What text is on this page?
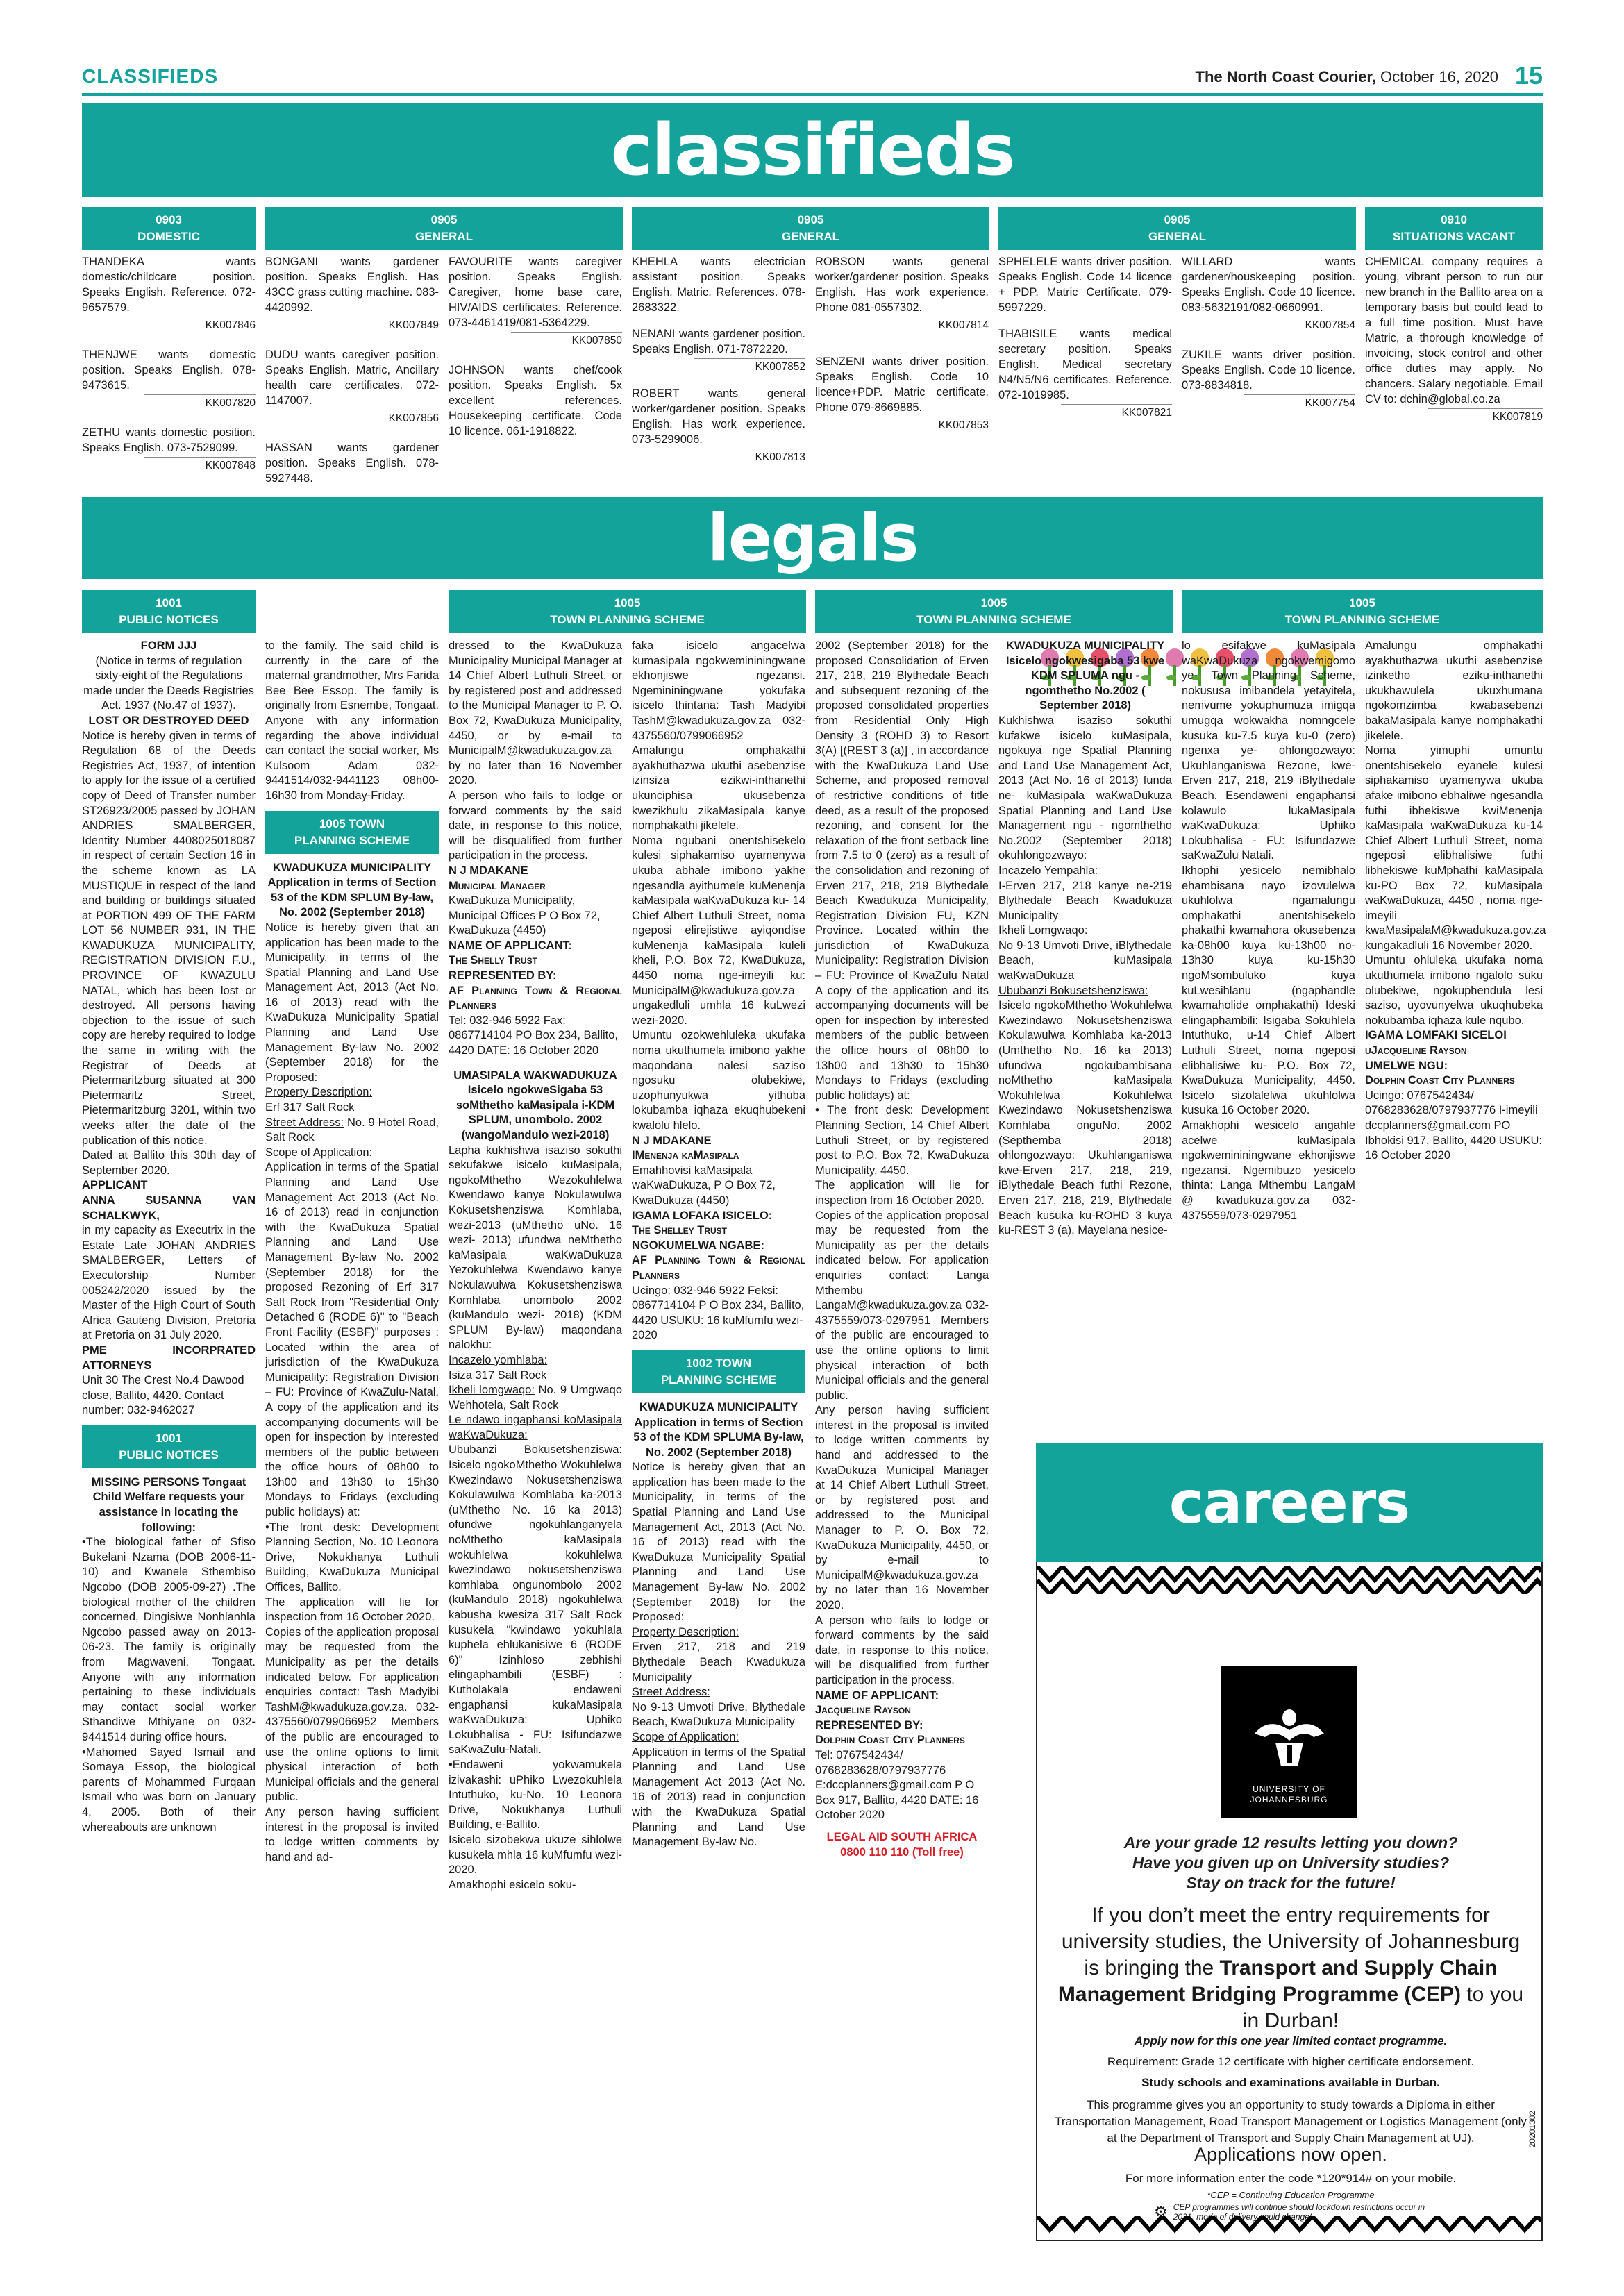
CLASSIFIEDS	The North Coast Courier, October 16, 2020 15
classifieds
0903
DOMESTIC
THANDEKA wants domestic/childcare position. Speaks English. Reference. 072-9657579.
KK007846
THENJWE wants domestic position. Speaks English. 078-9473615.
KK007820
ZETHU wants domestic position. Speaks English. 073-7529099.
KK007848
0905
GENERAL
BONGANI wants gardener position. Speaks English. Has 43CC grass cutting machine. 083-4420992.
KK007849
DUDU wants caregiver position. Speaks English. Matric, Ancillary health care certificates. 072-1147007.
KK007856
HASSAN wants gardener position. Speaks English. 078-5927448.
FAVOURITE wants caregiver position. Speaks English. Caregiver, home base care, HIV/AIDS certificates. Reference. 073-4461419/081-5364229.
KK007850
JOHNSON wants chef/cook position. Speaks English. 5x excellent references. Housekeeping certificate. Code 10 licence. 061-1918822.
0905
GENERAL
KHEHLA wants electrician assistant position. Speaks English. Matric. References. 078-2683322.
NENANI wants gardener position. Speaks English. 071-7872220.
KK007852
ROBERT wants general worker/gardener position. Speaks English. Has work experience. 073-5299006.
KK007813
ROBSON wants general worker/gardener position. Speaks English. Has work experience. Phone 081-0557302.
KK007814
SENZENI wants driver position. Speaks English. Code 10 licence+PDP. Matric certificate. Phone 079-8669885.
KK007853
0905
GENERAL
SPHELELE wants driver position. Speaks English. Code 14 licence + PDP. Matric Certificate. 079-5997229.
THABISILE wants medical secretary position. Speaks English. Medical secretary N4/N5/N6 certificates. Reference. 072-1019985.
KK007821
WILLARD wants gardener/houskeeping position. Speaks English. Code 10 licence. 083-5632191/082-0660991.
KK007854
ZUKILE wants driver position. Speaks English. Code 10 licence. 073-8834818.
KK007754
0910
SITUATIONS VACANT
CHEMICAL company requires a young, vibrant person to run our new branch in the Ballito area on a temporary basis but could lead to a full time position. Must have Matric, a thorough knowledge of invoicing, stock control and other office duties may apply. No chancers. Salary negotiable. Email CV to: dchin@global.co.za
KK007819
legals
1001
PUBLIC NOTICES
1005
TOWN PLANNING SCHEME
1005
TOWN PLANNING SCHEME
1005
TOWN PLANNING SCHEME

FORM JJJ

(Notice in terms of regulation sixty-eight of the Regulations made under the Deeds Registries Act. 1937 (No.47 of 1937).

LOST OR DESTROYED DEED

Notice is hereby given in terms of Regulation 68 of the Deeds Registries Act, 1937, of intention to apply for the issue of a certified copy of Deed of Transfer number ST26923/2005 passed by JOHAN ANDRIES SMALBERGER, Identity Number 4408025018087 in respect of certain Section 16 in the scheme known as LA MUSTIQUE in respect of the land and building or buildings situated at PORTION 499 OF THE FARM LOT 56 NUMBER 931, IN THE KWADUKUZA MUNICIPALITY, REGISTRATION DIVISION F.U., PROVINCE OF KWAZULU NATAL, which has been lost or destroyed. All persons having objection to the issue of such copy are hereby required to lodge the same in writing with the Registrar of Deeds at Pietermaritzburg situated at 300 Pietermaritz Street, Pietermaritzburg 3201, within two weeks after the date of the publication of this notice.

Dated at Ballito this 30th day of September 2020.

APPLICANT

ANNA SUSANNA VAN SCHALKWYK,

in my capacity as Executrix in the Estate Late JOHAN ANDRIES SMALBERGER, Letters of Executorship Number 005242/2020 issued by the Master of the High Court of South Africa Gauteng Division, Pretoria at Pretoria on 31 July 2020.

PME INCORPRATED ATTORNEYS

Unit 30 The Crest No.4 Dawood close, Ballito, 4420. Contact number: 032-9462027

1001
PUBLIC NOTICES

MISSING PERSONS Tongaat Child Welfare requests your assistance in locating the following:

•The biological father of Sfiso Bukelani Nzama (DOB 2006-11-10) and Kwanele Sthembiso Ngcobo (DOB 2005-09-27) .The biological mother of the children concerned, Dingisiwe Nonhlanhla Ngcobo passed away on 2013-06-23. The family is originally from Magwaveni, Tongaat. Anyone with any information pertaining to these individuals may contact social worker Sthandiwe Mthiyane on 032-9441514 during office hours.

•Mahomed Sayed Ismail and Somaya Essop, the biological parents of Mohammed Furqaan Ismail who was born on January 4, 2005. Both of their whereabouts are unknown

to the family. The said child is currently in the care of the maternal grandmother, Mrs Farida Bee Bee Essop. The family is originally from Esnembe, Tongaat. Anyone with any information regarding the above individual can contact the social worker, Ms Kulsoom Adam 032-9441514/032-9441123 08h00-16h30 from Monday-Friday.

1005 TOWN
PLANNING SCHEME

KWADUKUZA MUNICIPALITY Application in terms of Section 53 of the KDM SPLUM By-law, No. 2002 (September 2018)

Notice is hereby given that an application has been made to the Municipality, in terms of the Spatial Planning and Land Use Management Act, 2013 (Act No. 16 of 2013) read with the KwaDukuza Municipality Spatial Planning and Land Use Management By-law No. 2002 (September 2018) for the Proposed:

Property Description:

Erf 317 Salt Rock

Street Address: No. 9 Hotel Road, Salt Rock

Scope of Application:

Application in terms of the Spatial Planning and Land Use Management Act 2013 (Act No. 16 of 2013) read in conjunction with the KwaDukuza Spatial Planning and Land Use Management By-law No. 2002 (September 2018) for the proposed Rezoning of Erf 317 Salt Rock from "Residential Only Detached 6 (RODE 6)" to "Beach Front Facility (ESBF)" purposes : Located within the area of jurisdiction of the KwaDukuza Municipality: Registration Division – FU: Province of KwaZulu-Natal. A copy of the application and its accompanying documents will be open for inspection by interested members of the public between the office hours of 08h00 to 13h00 and 13h30 to 15h30 Mondays to Fridays (excluding public holidays) at:

•The front desk: Development Planning Section, No. 10 Leonora Drive, Nokukhanya Luthuli Building, KwaDukuza Municipal Offices, Ballito.

The application will lie for inspection from 16 October 2020.

Copies of the application proposal may be requested from the Municipality as per the details indicated below. For application enquiries contact: Tash Madyibi TashM@kwadukuza.gov.za. 032-4375560/0799066952 Members of the public are encouraged to use the online options to limit physical interaction of both Municipal officials and the general public.

Any person having sufficient interest in the proposal is invited to lodge written comments by hand and ad-

dressed to the KwaDukuza Municipality Municipal Manager at 14 Chief Albert Luthuli Street, or by registered post and addressed to the Municipal Manager to P. O. Box 72, KwaDukuza Municipality, 4450, or by e-mail to MunicipalM@kwadukuza.gov.za by no later than 16 November 2020.

A person who fails to lodge or forward comments by the said date, in response to this notice, will be disqualified from further participation in the process.

N J MDAKANE

Municipal Manager

KwaDukuza Municipality, Municipal Offices P O Box 72, KwaDukuza (4450)

NAME OF APPLICANT:

The Shelly Trust

REPRESENTED BY:

AF Planning Town & Regional Planners

Tel: 032-946 5922 Fax: 0867714104 PO Box 234, Ballito, 4420 DATE: 16 October 2020

UMASIPALA WAKWADUKUZA Isicelo ngokweSigaba 53 soMthetho kaMasipala i-KDM SPLUM, unombolo. 2002 (wangoMandulo wezi-2018)

Lapha kukhishwa isaziso sokuthi sekufakwe isicelo kuMasipala, ngokoMthetho Wezokuhlelwa Kwendawo kanye Nokulawulwa Kokusetshenziswa Komhlaba, wezi-2013 (uMthetho uNo. 16 wezi- 2013) ufundwa neMthetho kaMasipala waKwaDukuza Yezokuhlelwa Kwendawo kanye Nokulawulwa Kokusetshenziswa Komhlaba unombolo 2002 (kuMandulo wezi- 2018) (KDM SPLUM By-law) maqondana nalokhu:

Incazelo yomhlaba:

Isiza 317 Salt Rock

Ikheli lomgwaqo: No. 9 Umgwaqo Wehhotela, Salt Rock

Le ndawo ingaphansi koMasipala waKwaDukuza:

Ububanzi Bokusetshenziswa: Isicelo ngokoMthetho Wokuhlelwa Kwezindawo Nokusetshenziswa Kokulawulwa Komhlaba ka-2013 (uMthetho No. 16 ka 2013) ofundwe ngokuhlanganyela noMthetho kaMasipala wokuhlelwa kokuhlelwa kwezindawo nokusetshenziswa komhlaba ongunombolo 2002 (kuMandulo 2018) ngokuhlelwa kabusha kwesiza 317 Salt Rock kusukela "kwindawo yokuhlala kuphela ehlukanisiwe 6 (RODE 6)" Izinhloso zebhishi elingaphambili (ESBF) : Kutholakala endaweni engaphansi kukaMasipala waKwaDukuza: Uphiko Lokubhalisa - FU: Isifundazwe saKwaZulu-Natali.

•Endaweni yokwamukela izivakashi: uPhiko Lwezokuhlela Intuthuko, ku-No. 10 Leonora Drive, Nokukhanya Luthuli Building, e-Ballito.

Isicelo sizobekwa ukuze sihlolwe kusukela mhla 16 kuMfumfu wezi-2020.

Amakhophi esicelo soku-

faka isicelo angacelwa kumasipala ngokwemininingwane ekhonjiswe ngezansi. Ngemininingwane yokufaka isicelo thintana: Tash Madyibi TashM@kwadukuza.gov.za 032-4375560/0799066952

Amalungu omphakathi ayakhuthazwa ukuthi asebenzise izinsiza ezikwi-inthanethi ukunciphisa ukusebenza kwezikhulu zikaMasipala kanye nomphakathi jikelele.

Noma ngubani onentshisekelo kulesi siphakamiso uyamenywa ukuba abhale imibono yakhe ngesandla ayithumele kuMenenja kaMasipala waKwaDukuza ku- 14 Chief Albert Luthuli Street, noma ngeposi elirejistiwe ayiqondise kuMenenja kaMasipala kuleli kheli, P.O. Box 72, KwaDukuza, 4450 noma nge-imeyili ku: MunicipalM@kwadukuza.gov.za ungakedluli umhla 16 kuLwezi wezi-2020.

Umuntu ozokwehluleka ukufaka noma ukuthumela imibono yakhe maqondana nalesi saziso ngosuku olubekiwe, uzophunyukwa yithuba lokubamba iqhaza ekuqhubekeni kwalolu hlelo.

N J MDAKANE

IMenenja kaMasipala

Emahhovisi kaMasipala waKwaDukuza, P O Box 72, KwaDukuza (4450)

IGAMA LOFAKA ISICELO:

The Shelley Trust

NGOKUMELWA NGABE:

AF Planning Town & Regional Planners

Ucingo: 032-946 5922 Feksi: 0867714104 P O Box 234, Ballito, 4420 USUKU: 16 kuMfumfu wezi-2020

1002 TOWN
PLANNING SCHEME

KWADUKUZA MUNICIPALITY Application in terms of Section 53 of the KDM SPLUMA By-law, No. 2002 (September 2018)

Notice is hereby given that an application has been made to the Municipality, in terms of the Spatial Planning and Land Use Management Act, 2013 (Act No. 16 of 2013) read with the KwaDukuza Municipality Spatial Planning and Land Use Management By-law No. 2002 (September 2018) for the Proposed:

Property Description:

Erven 217, 218 and 219 Blythedale Beach Kwadukuza Municipality

Street Address:

No 9-13 Umvoti Drive, Blythedale Beach, KwaDukuza Municipality

Scope of Application:

Application in terms of the Spatial Planning and Land Use Management Act 2013 (Act No. 16 of 2013) read in conjunction with the KwaDukuza Spatial Planning and Land Use Management By-law No.

2002 (September 2018) for the proposed Consolidation of Erven 217, 218, 219 Blythedale Beach and subsequent rezoning of the proposed consolidated properties from Residential Only High Density 3 (ROHD 3) to Resort 3(A) [(REST 3 (a)] , in accordance with the KwaDukuza Land Use Scheme, and proposed removal of restrictive conditions of title deed, as a result of the proposed rezoning, and consent for the relaxation of the front setback line from 7.5 to 0 (zero) as a result of the consolidation and rezoning of Erven 217, 218, 219 Blythedale Beach Kwadukuza Municipality, Registration Division FU, KZN Province. Located within the jurisdiction of KwaDukuza Municipality: Registration Division – FU: Province of KwaZulu Natal A copy of the application and its accompanying documents will be open for inspection by interested members of the public between the office hours of 08h00 to 13h00 and 13h30 to 15h30 Mondays to Fridays (excluding public holidays) at:

• The front desk: Development Planning Section, 14 Chief Albert Luthuli Street, or by registered post to P.O. Box 72, KwaDukuza Municipality, 4450.

The application will lie for inspection from 16 October 2020.

Copies of the application proposal may be requested from the Municipality as per the details indicated below. For application enquiries contact: Langa Mthembu LangaM@kwadukuza.gov.za 032-4375559/073-0297951 Members of the public are encouraged to use the online options to limit physical interaction of both Municipal officials and the general public.

Any person having sufficient interest in the proposal is invited to lodge written comments by hand and addressed to the KwaDukuza Municipal Manager at 14 Chief Albert Luthuli Street, or by registered post and addressed to the Municipal Manager to P. O. Box 72, KwaDukuza Municipality, 4450, or by e-mail to MunicipalM@kwadukuza.gov.za by no later than 16 November 2020.

A person who fails to lodge or forward comments by the said date, in response to this notice, will be disqualified from further participation in the process.

NAME OF APPLICANT:

Jacqueline Rayson

REPRESENTED BY:

Dolphin Coast City Planners

Tel: 0767542434/ 0768283628/0797937776 E:dccplanners@gmail.com P O Box 917, Ballito, 4420 DATE: 16 October 2020

LEGAL AID SOUTH AFRICA

0800 110 110 (Toll free)

KWADUKUZA MUNICIPALITY Isicelo ngokwesigaba 53 kwe KDM SPLUMA ngu - ngomthetho No.2002 ( September 2018)

Kukhishwa isaziso sokuthi kufakwe isicelo kuMasipala, ngokuya nge Spatial Planning and Land Use Management Act, 2013 (Act No. 16 of 2013) funda ne- kuMasipala waKwaDukuza Spatial Planning and Land Use Management ngu - ngomthetho No.2002 (September 2018) okuhlongozwayo:

Incazelo Yempahla:

I-Erven 217, 218 kanye ne-219 Blythedale Beach Kwadukuza Municipality

Ikheli Lomgwaqo:

No 9-13 Umvoti Drive, iBlythedale Beach, kuMasipala waKwaDukuza

Ububanzi Bokusetshenziswa:

Isicelo ngokoMthetho Wokuhlelwa Kwezindawo Nokusetshenziswa Kokulawulwa Komhlaba ka-2013 (Umthetho No. 16 ka 2013) ufundwa ngokubambisana noMthetho kaMasipala Wokuhlelwa Kokuhlelwa Kwezindawo Nokusetshenziswa Komhlaba onguNo. 2002 (Septhemba 2018) ohlongozwayo: Ukuhlanganiswa kwe-Erven 217, 218, 219, iBlythedale Beach futhi Rezone, Erven 217, 218, 219, Blythedale Beach kusuka ku-ROHD 3 kuya ku-REST 3 (a), Mayelana nesice-

lo esifakwe kuMasipala waKwaDukuza ngokwemigomo ye- Town Planning Scheme, nokususa imibandela yetayitela, nemvume yokuphumuza imigqa umugqa wokwakha nomngcele kusuka ku-7.5 kuya ku-0 (zero) ngenxa ye- ohlongozwayo: Ukuhlanganiswa Rezone, kwe-Erven 217, 218, 219 iBlythedale Beach. Esendaweni engaphansi kolawulo lukaMasipala waKwaDukuza: Uphiko Lokubhalisa - FU: Isifundazwe saKwaZulu Natali.

Ikhophi yesicelo nemibhalo ehambisana nayo izovulelwa ukuhlolwa ngamalungu omphakathi anentshisekelo phakathi kwamahora okusebenza ka-08h00 kuya ku-13h00 no-13h30 kuya ku-15h30 ngoMsombuluko kuya kuLwesihlanu (ngaphandle kwamaholide omphakathi) Ideski elingaphambili: Isigaba Sokuhlela Intuthuko, u-14 Chief Albert Luthuli Street, noma ngeposi elibhalisiwe ku- P.O. Box 72, KwaDukuza Municipality, 4450. Isicelo sizolalelwa ukuhlolwa kusuka 16 October 2020.

Amakhophi wesicelo angahle acelwe kuMasipala ngokwemininingwane ekhonjiswe ngezansi. Ngemibuzo yesicelo thinta: Langa Mthembu LangaM @ kwadukuza.gov.za 032-4375559/073-0297951

Amalungu omphakathi ayakhuthazwa ukuthi asebenzise izinketho eziku-inthanethi ukukhawulela ukuxhumana ngokomzimba kwabasebenzi bakaMasipala kanye nomphakathi jikelele.

Noma yimuphi umuntu onentshisekelo eyanele kulesi siphakamiso uyamenywa ukuba afake imibono ebhaliwe ngesandla futhi ibhekiswe kwiMenenja kaMasipala waKwaDukuza ku-14 Chief Albert Luthuli Street, noma ngeposi elibhalisiwe futhi libhekiswe kuMphathi kaMasipala ku-PO Box 72, kuMasipala waKwaDukuza, 4450 , noma nge-imeyili kwaMasipalaM@kwadukuza.gov.za kungakadluli 16 November 2020.

Umuntu ohluleka ukufaka noma ukuthumela imibono ngalolo suku olubekiwe, ngokuphendula lesi saziso, uyovunyelwa ukuqhubeka nokubamba iqhaza kule nqubo.

IGAMA LOMFAKI SICELOI

uJacqueline Rayson

UMELWE NGU:

Dolphin Coast City Planners

Ucingo: 0767542434/ 0768283628/0797937776 I-imeyili dccplanners@gmail.com PO Ibhokisi 917, Ballito, 4420 USUKU: 16 October 2020

UNIVERSITY OF JOHANNESBURG
Are your grade 12 results letting you down?
Have you given up on University studies?
Stay on track for the future!
If you don’t meet the entry requirements for university studies, the University of Johannesburg is bringing the Transport and Supply Chain Management Bridging Programme (CEP) to you in Durban!
Apply now for this one year limited contact programme.
Requirement: Grade 12 certificate with higher certificate endorsement.
Study schools and examinations available in Durban.
This programme gives you an opportunity to study towards a Diploma in either Transportation Management, Road Transport Management or Logistics Management (only at the Department of Transport and Supply Chain Management at UJ).
Applications now open.
For more information enter the code *120*914# on your mobile.
*CEP = Continuing Education Programme
⚙ CEP programmes will continue should lockdown restrictions occur in 2021, mode of delivery could change!
20201302
careers
